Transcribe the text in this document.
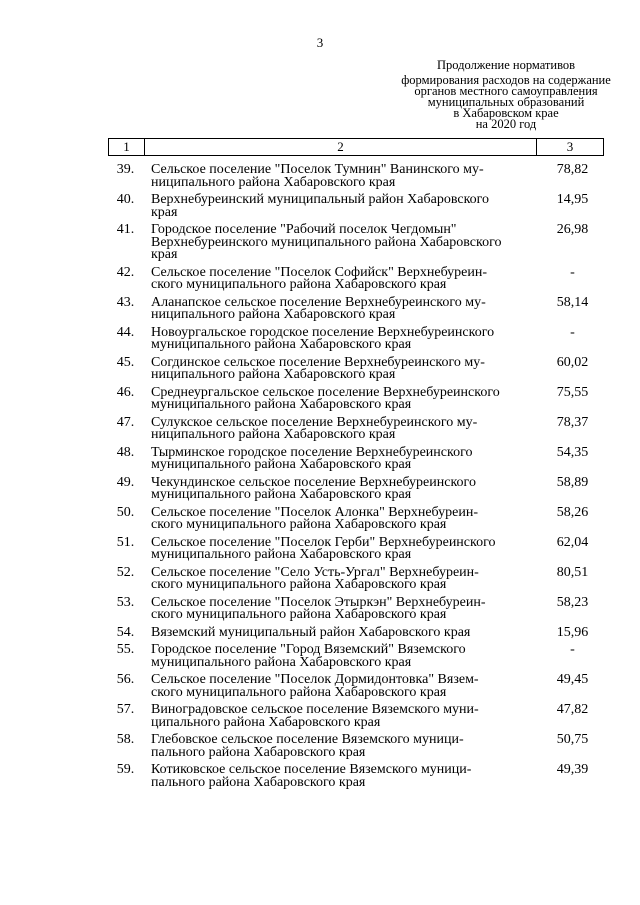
3
Продолжение нормативов
формирования расходов на содержание
органов местного самоуправления
муниципальных образований
в Хабаровском крае
на 2020 год
1	2	3
39.	Сельское поселение "Поселок Тумнин" Ванинского му-
ниципального района Хабаровского края
78,82
40.	Верхнебуреинский муниципальный район Хабаровского
края
14,95
41.	Городское поселение "Рабочий поселок Чегдомын"
Верхнебуреинского муниципального района Хабаровского
края
26,98
42.	Сельское поселение "Поселок Софийск" Верхнебуреин-
ского муниципального района Хабаровского края
-
43.	Аланапское сельское поселение Верхнебуреинского му-
ниципального района Хабаровского края
58,14
44.	Новоургальское городское поселение Верхнебуреинского
муниципального района Хабаровского края
-
45.	Согдинское сельское поселение Верхнебуреинского му-
ниципального района Хабаровского края
60,02
46.	Среднеургальское сельское поселение Верхнебуреинского
муниципального района Хабаровского края
75,55
47.	Сулукское сельское поселение Верхнебуреинского му-
ниципального района Хабаровского края
78,37
48.	Тырминское городское поселение Верхнебуреинского
муниципального района Хабаровского края
54,35
49.	Чекундинское сельское поселение Верхнебуреинского
муниципального района Хабаровского края
58,89
50.	Сельское поселение "Поселок Алонка" Верхнебуреин-
ского муниципального района Хабаровского края
58,26
51.	Сельское поселение "Поселок Герби" Верхнебуреинского
муниципального района Хабаровского края
62,04
52.	Сельское поселение "Село Усть-Ургал" Верхнебуреин-
ского муниципального района Хабаровского края
80,51
53.	Сельское поселение "Поселок Этыркэн" Верхнебуреин-
ского муниципального района Хабаровского края
58,23
54.	Вяземский муниципальный район Хабаровского края	15,96
55.	Городское поселение "Город Вяземский" Вяземского
муниципального района Хабаровского края
-
56.	Сельское поселение "Поселок Дормидонтовка" Вязем-
ского муниципального района Хабаровского края
49,45
57.	Виноградовское сельское поселение Вяземского муни-
ципального района Хабаровского края
47,82
58.	Глебовское сельское поселение Вяземского муници-
пального района Хабаровского края
50,75
59.	Котиковское сельское поселение Вяземского муници-
пального района Хабаровского края
49,39
